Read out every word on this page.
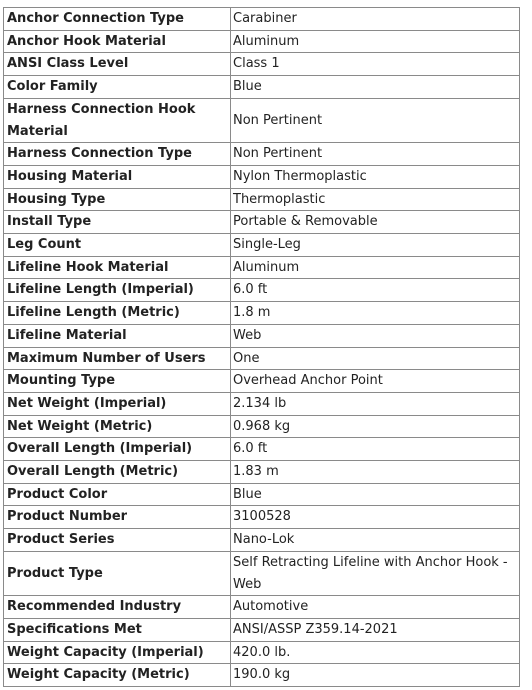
Anchor Connection Type	Carabiner
Anchor Hook Material	Aluminum
ANSI Class Level	Class 1
Color Family	Blue
Harness Connection Hook Material	Non Pertinent
Harness Connection Type	Non Pertinent
Housing Material	Nylon Thermoplastic
Housing Type	Thermoplastic
Install Type	Portable & Removable
Leg Count	Single-Leg
Lifeline Hook Material	Aluminum
Lifeline Length (Imperial)	6.0 ft
Lifeline Length (Metric)	1.8 m
Lifeline Material	Web
Maximum Number of Users	One
Mounting Type	Overhead Anchor Point
Net Weight (Imperial)	2.134 lb
Net Weight (Metric)	0.968 kg
Overall Length (Imperial)	6.0 ft
Overall Length (Metric)	1.83 m
Product Color	Blue
Product Number	3100528
Product Series	Nano-Lok
Product Type	Self Retracting Lifeline with Anchor Hook - Web
Recommended Industry	Automotive
Specifications Met	ANSI/ASSP Z359.14-2021
Weight Capacity (Imperial)	420.0 lb.
Weight Capacity (Metric)	190.0 kg
